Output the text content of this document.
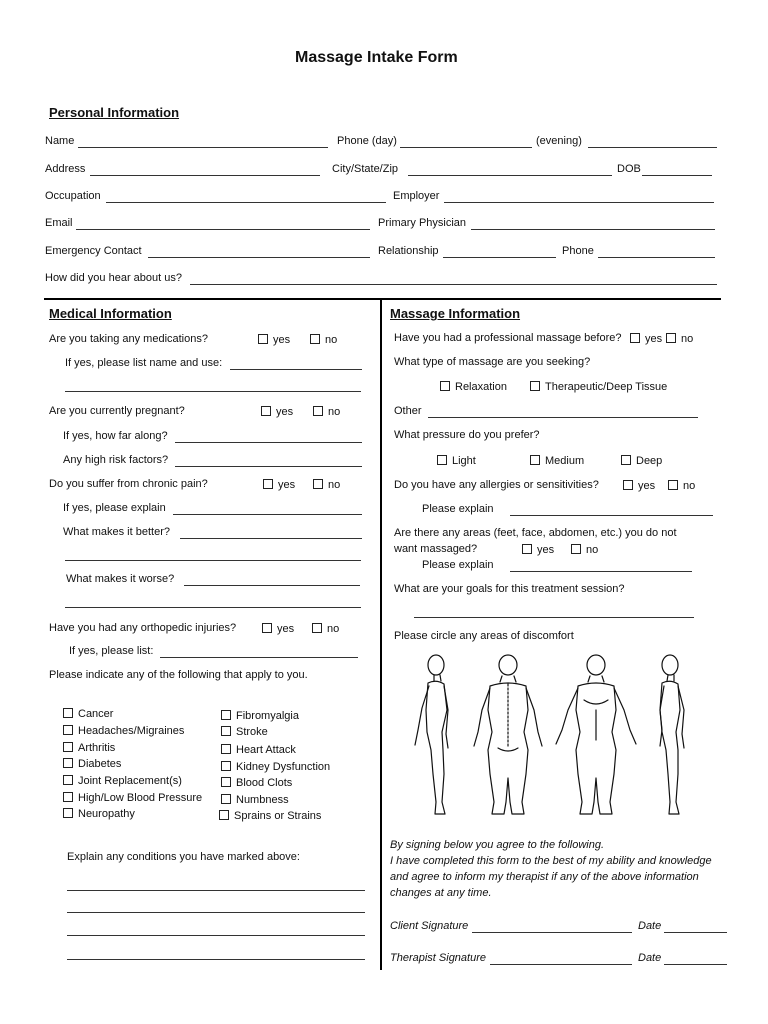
Massage Intake Form
Personal Information
Name	Phone (day)	(evening)
Address	City/State/Zip	DOB
Occupation	Employer
Email	Primary Physician
Emergency Contact	Relationship	Phone
How did you hear about us?
Medical Information
Are you taking any medications?	yes	no
If yes, please list name and use:
Are you currently pregnant?	yes	no
If yes, how far along?
Any high risk factors?
Do you suffer from chronic pain?	yes	no
If yes, please explain
What makes it better?
What makes it worse?
Have you had any orthopedic injuries?	yes	no
If yes, please list:
Please indicate any of the following that apply to you.
Cancer
Headaches/Migraines
Arthritis
Diabetes
Joint Replacement(s)
High/Low Blood Pressure
Neuropathy
Fibromyalgia
Stroke
Heart Attack
Kidney Dysfunction
Blood Clots
Numbness
Sprains or Strains
Explain any conditions you have marked above:
Massage Information
Have you had a professional massage before?	yes	no
What type of massage are you seeking?
Relaxation	Therapeutic/Deep Tissue
Other
What pressure do you prefer?
Light	Medium	Deep
Do you have any allergies or sensitivities?	yes	no
Please explain
Are there any areas (feet, face, abdomen, etc.) you do not
want massaged?	yes	no
Please explain
What are your goals for this treatment session?
Please circle any areas of discomfort
By signing below you agree to the following.
I have completed this form to the best of my ability and knowledge
and agree to inform my therapist if any of the above information
changes at any time.
Client Signature	Date
Therapist Signature	Date
